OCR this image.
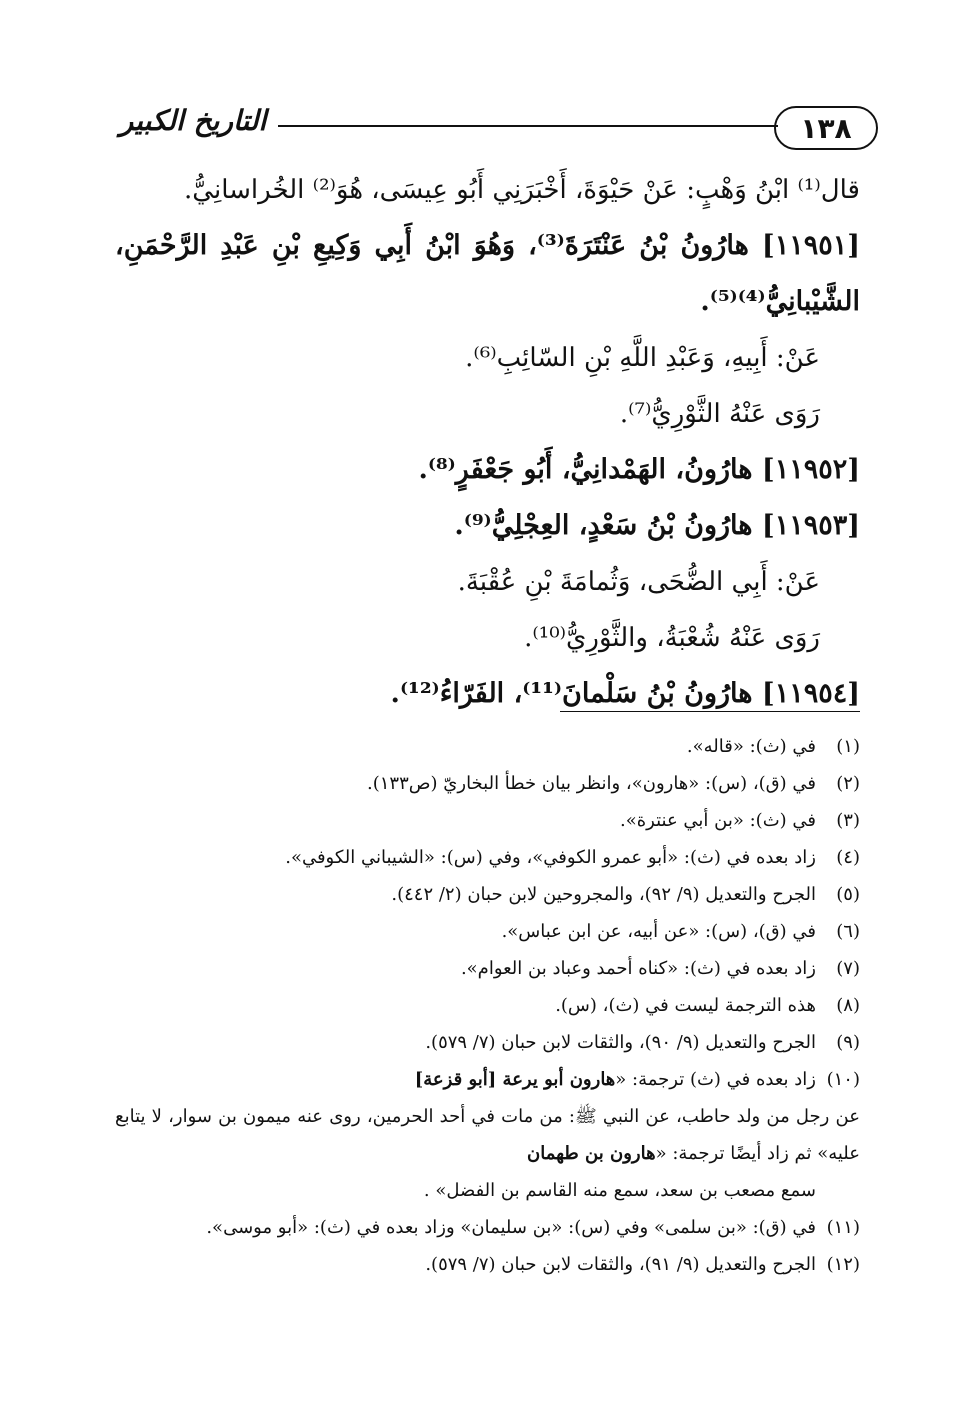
١٣٨
التاريخ الكبير
قال⁽¹⁾ ابْنُ وَهْبٍ: عَنْ حَيْوَةَ، أَخْبَرَنِي أَبُو عِيسَى، هُوَ⁽²⁾ الخُراسانِيُّ.
[١١٩٥١] هارُونُ بْنُ عَنْتَرَةَ⁽³⁾، وَهُوَ ابْنُ أَبِي وَكِيعِ بْنِ عَبْدِ الرَّحْمَنِ، الشَّيْبانِيُّ⁽⁴⁾⁽⁵⁾.
عَنْ: أَبِيهِ، وَعَبْدِ اللَّهِ بْنِ السّائِبِ⁽⁶⁾.
رَوَى عَنْهُ الثَّوْرِيُّ⁽⁷⁾.
[١١٩٥٢] هارُونُ، الهَمْدانِيُّ، أَبُو جَعْفَرٍ⁽⁸⁾.
[١١٩٥٣] هارُونُ بْنُ سَعْدٍ، العِجْلِيُّ⁽⁹⁾.
عَنْ: أَبِي الضُّحَى، وَثُمامَةَ بْنِ عُقْبَةَ.
رَوَى عَنْهُ شُعْبَةُ، والثَّوْرِيُّ⁽¹⁰⁾.
[١١٩٥٤] هارُونُ بْنُ سَلْمانَ⁽¹¹⁾، الفَرّاءُ⁽¹²⁾.
(١)في (ث): «قاله».
(٢)في (ق)، (س): «هارون»، وانظر بيان خطأ البخاريّ (ص١٣٣).
(٣)في (ث): «بن أبي عنترة».
(٤)زاد بعده في (ث): «أبو عمرو الكوفي»، وفي (س): «الشيباني الكوفي».
(٥)الجرح والتعديل (٩/ ٩٢)، والمجروحين لابن حبان (٢/ ٤٤٢).
(٦)في (ق)، (س): «عن أبيه، عن ابن عباس».
(٧)زاد بعده في (ث): «كناه أحمد وعباد بن العوام».
(٨)هذه الترجمة ليست في (ث)، (س).
(٩)الجرح والتعديل (٩/ ٩٠)، والثقات لابن حبان (٧/ ٥٧٩).
(١٠)زاد بعده في (ث) ترجمة: «هارون أبو يرعة [أبو قزعة]
عن رجل من ولد حاطب، عن النبي ﷺ: من مات في أحد الحرمين، روى عنه ميمون بن سوار، لا يتابع عليه» ثم زاد أيضًا ترجمة: «هارون بن طهمان
سمع مصعب بن سعد، سمع منه القاسم بن الفضل» .
(١١)في (ق): «بن سلمى» وفي (س): «بن سليمان» وزاد بعده في (ث): «أبو موسى».
(١٢)الجرح والتعديل (٩/ ٩١)، والثقات لابن حبان (٧/ ٥٧٩).
